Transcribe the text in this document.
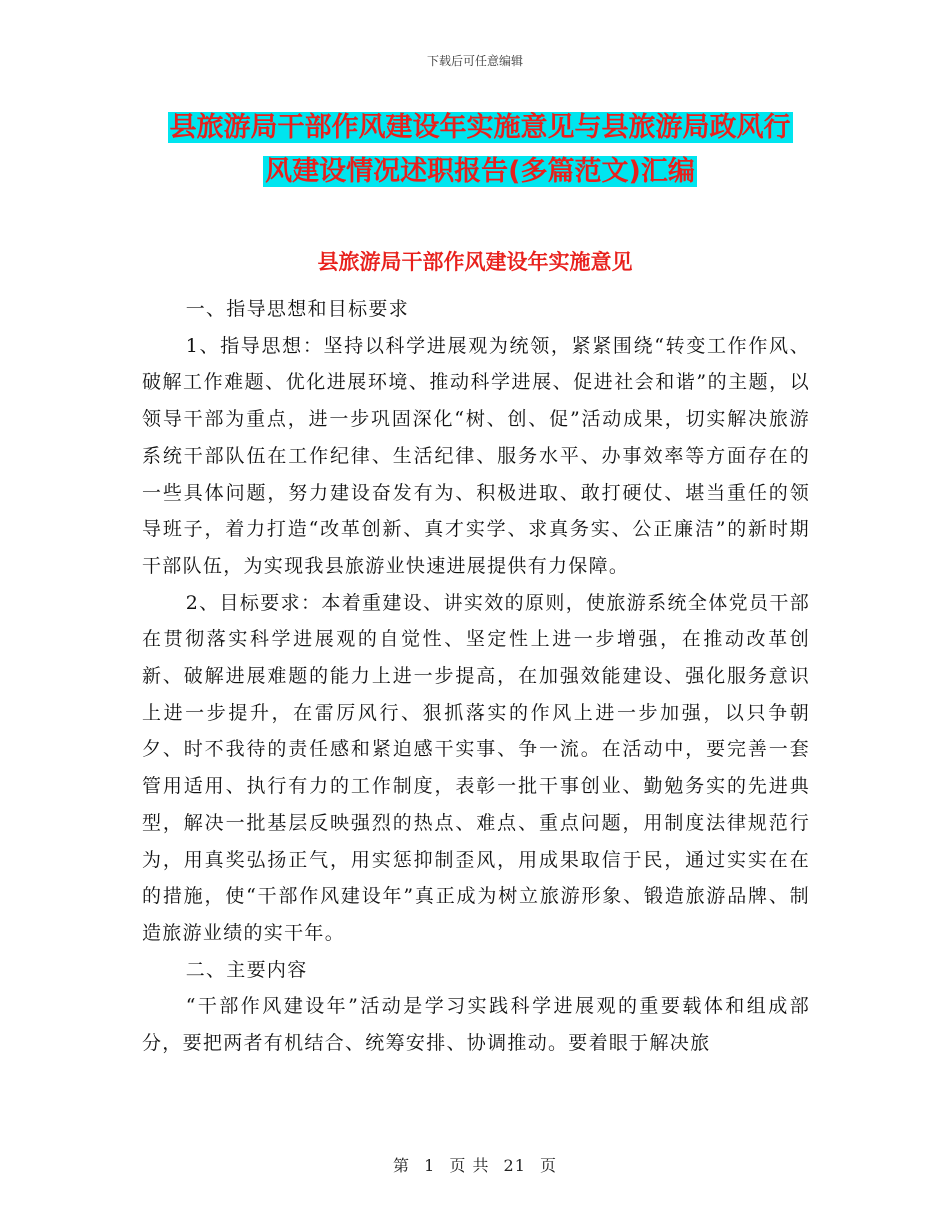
下载后可任意编辑
县旅游局干部作风建设年实施意见与县旅游局政风行
风建设情况述职报告(多篇范文)汇编
县旅游局干部作风建设年实施意见

一、指导思想和目标要求

1、指导思想：坚持以科学进展观为统领，紧紧围绕“转变工作作风、破解工作难题、优化进展环境、推动科学进展、促进社会和谐”的主题，以领导干部为重点，进一步巩固深化“树、创、促”活动成果，切实解决旅游系统干部队伍在工作纪律、生活纪律、服务水平、办事效率等方面存在的一些具体问题，努力建设奋发有为、积极进取、敢打硬仗、堪当重任的领导班子，着力打造“改革创新、真才实学、求真务实、公正廉洁”的新时期干部队伍，为实现我县旅游业快速进展提供有力保障。

2、目标要求：本着重建设、讲实效的原则，使旅游系统全体党员干部在贯彻落实科学进展观的自觉性、坚定性上进一步增强，在推动改革创新、破解进展难题的能力上进一步提高，在加强效能建设、强化服务意识上进一步提升，在雷厉风行、狠抓落实的作风上进一步加强，以只争朝夕、时不我待的责任感和紧迫感干实事、争一流。在活动中，要完善一套管用适用、执行有力的工作制度，表彰一批干事创业、勤勉务实的先进典型，解决一批基层反映强烈的热点、难点、重点问题，用制度法律规范行为，用真奖弘扬正气，用实惩抑制歪风，用成果取信于民，通过实实在在的措施，使“干部作风建设年”真正成为树立旅游形象、锻造旅游品牌、制造旅游业绩的实干年。

二、主要内容

“干部作风建设年”活动是学习实践科学进展观的重要载体和组成部分，要把两者有机结合、统筹安排、协调推动。要着眼于解决旅

第 1 页 共 21 页
